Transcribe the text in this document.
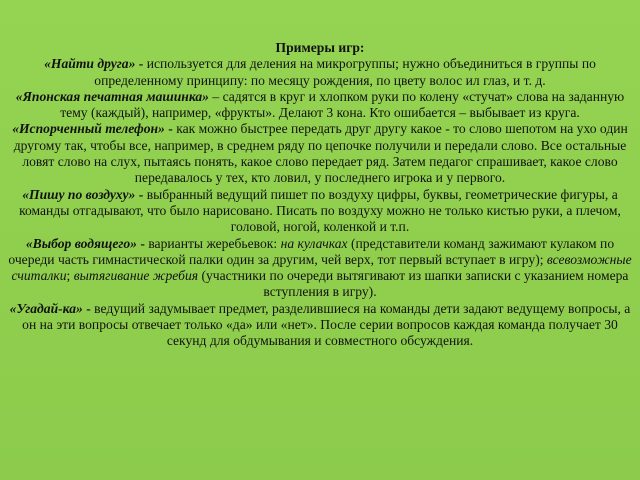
Примеры игр:

«Найти друга» - используется для деления на микрогруппы; нужно объединиться в группы по определенному принципу: по месяцу рождения, по цвету волос ил глаз, и т. д.

«Японская печатная машинка» – садятся в круг и хлопком руки по колену «стучат» слова на заданную тему (каждый), например, «фрукты». Делают 3 кона. Кто ошибается – выбывает из круга.

«Испорченный телефон» - как можно быстрее передать друг другу какое - то слово шепотом на ухо один другому так, чтобы все, например, в среднем ряду по цепочке получили и передали слово. Все остальные ловят слово на слух, пытаясь понять, какое слово передает ряд. Затем педагог спрашивает, какое слово передавалось у тех, кто ловил, у последнего игрока и у первого.

«Пишу по воздуху» - выбранный ведущий пишет по воздуху цифры, буквы, геометрические фигуры, а команды отгадывают, что было нарисовано. Писать по воздуху можно не только кистью руки, а плечом, головой, ногой, коленкой и т.п.

«Выбор водящего» - варианты жеребьевок: на кулачках (представители команд зажимают кулаком по очереди часть гимнастической палки один за другим, чей верх, тот первый вступает в игру); всевозможные считалки; вытягивание жребия (участники по очереди вытягивают из шапки записки с указанием номера вступления в игру).

«Угадай-ка» - ведущий задумывает предмет, разделившиеся на команды дети задают ведущему вопросы, а он на эти вопросы отвечает только «да» или «нет». После серии вопросов каждая команда получает 30 секунд для обдумывания и совместного обсуждения.
